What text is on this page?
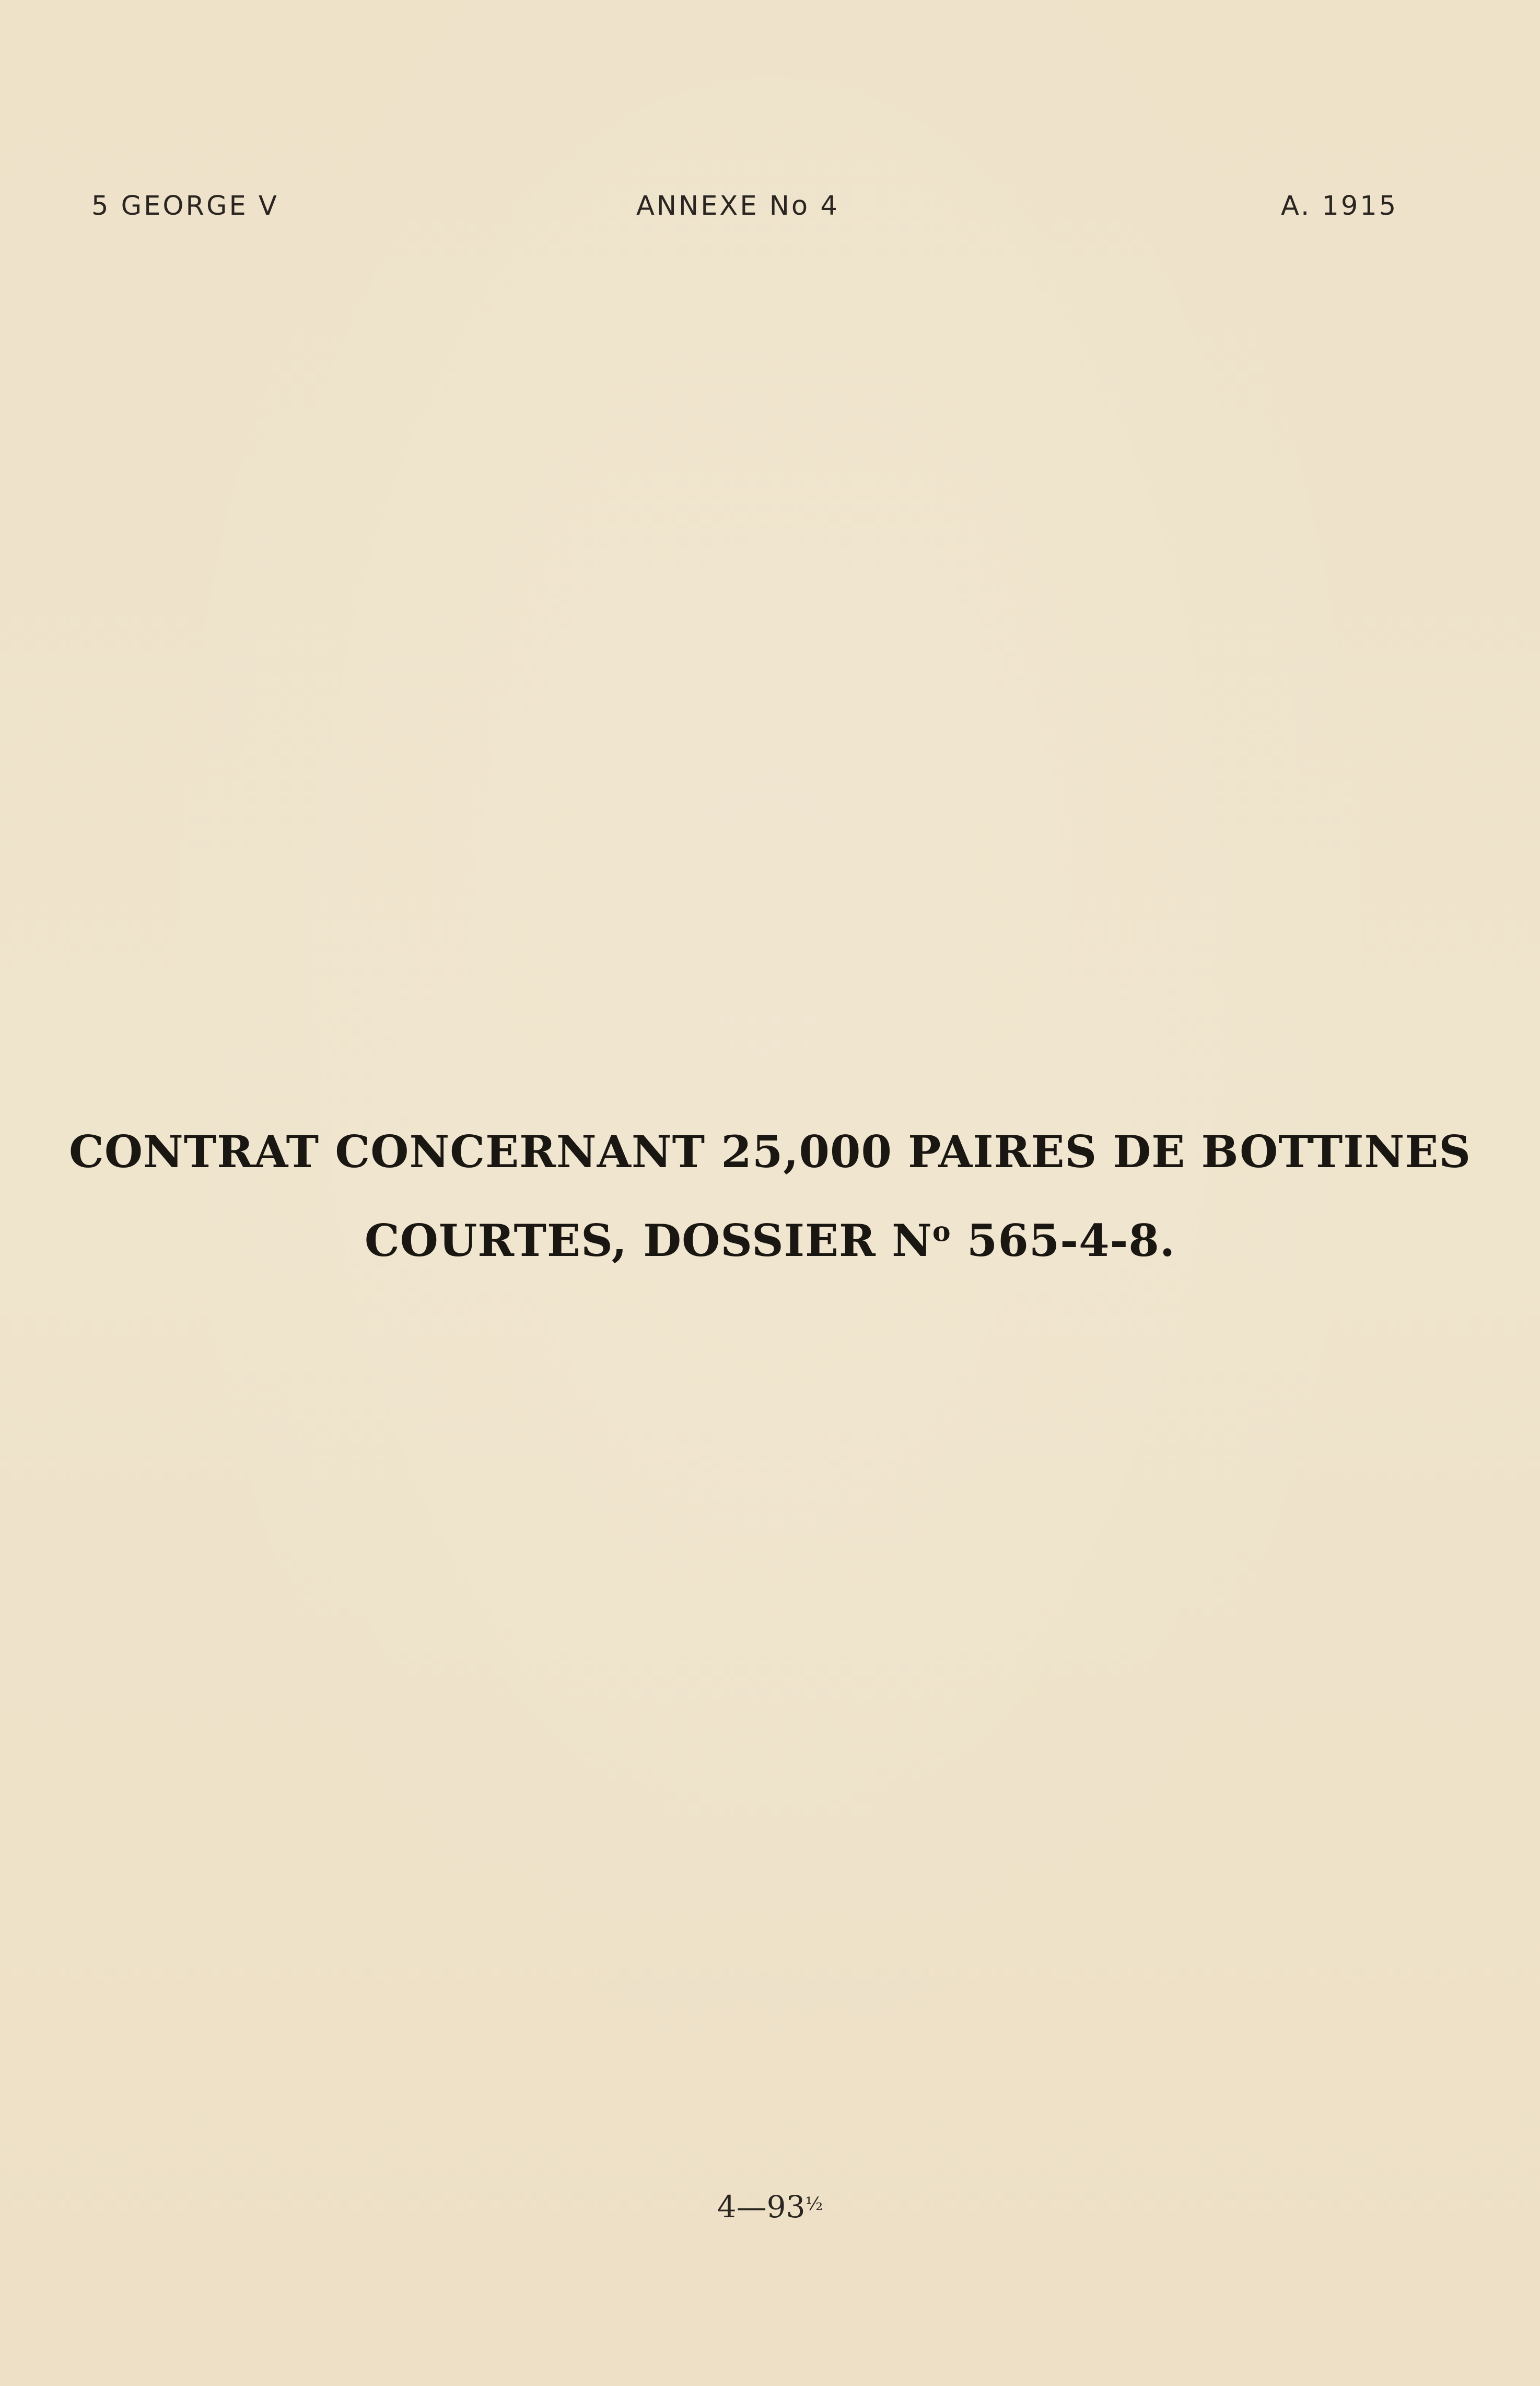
5 GEORGE V	ANNEXE No 4	A. 1915
CONTRAT CONCERNANT 25,000 PAIRES DE BOTTINES
COURTES, DOSSIER $N^o$ 565-4-8.
$4—93^{\frac{1}{2}}$
